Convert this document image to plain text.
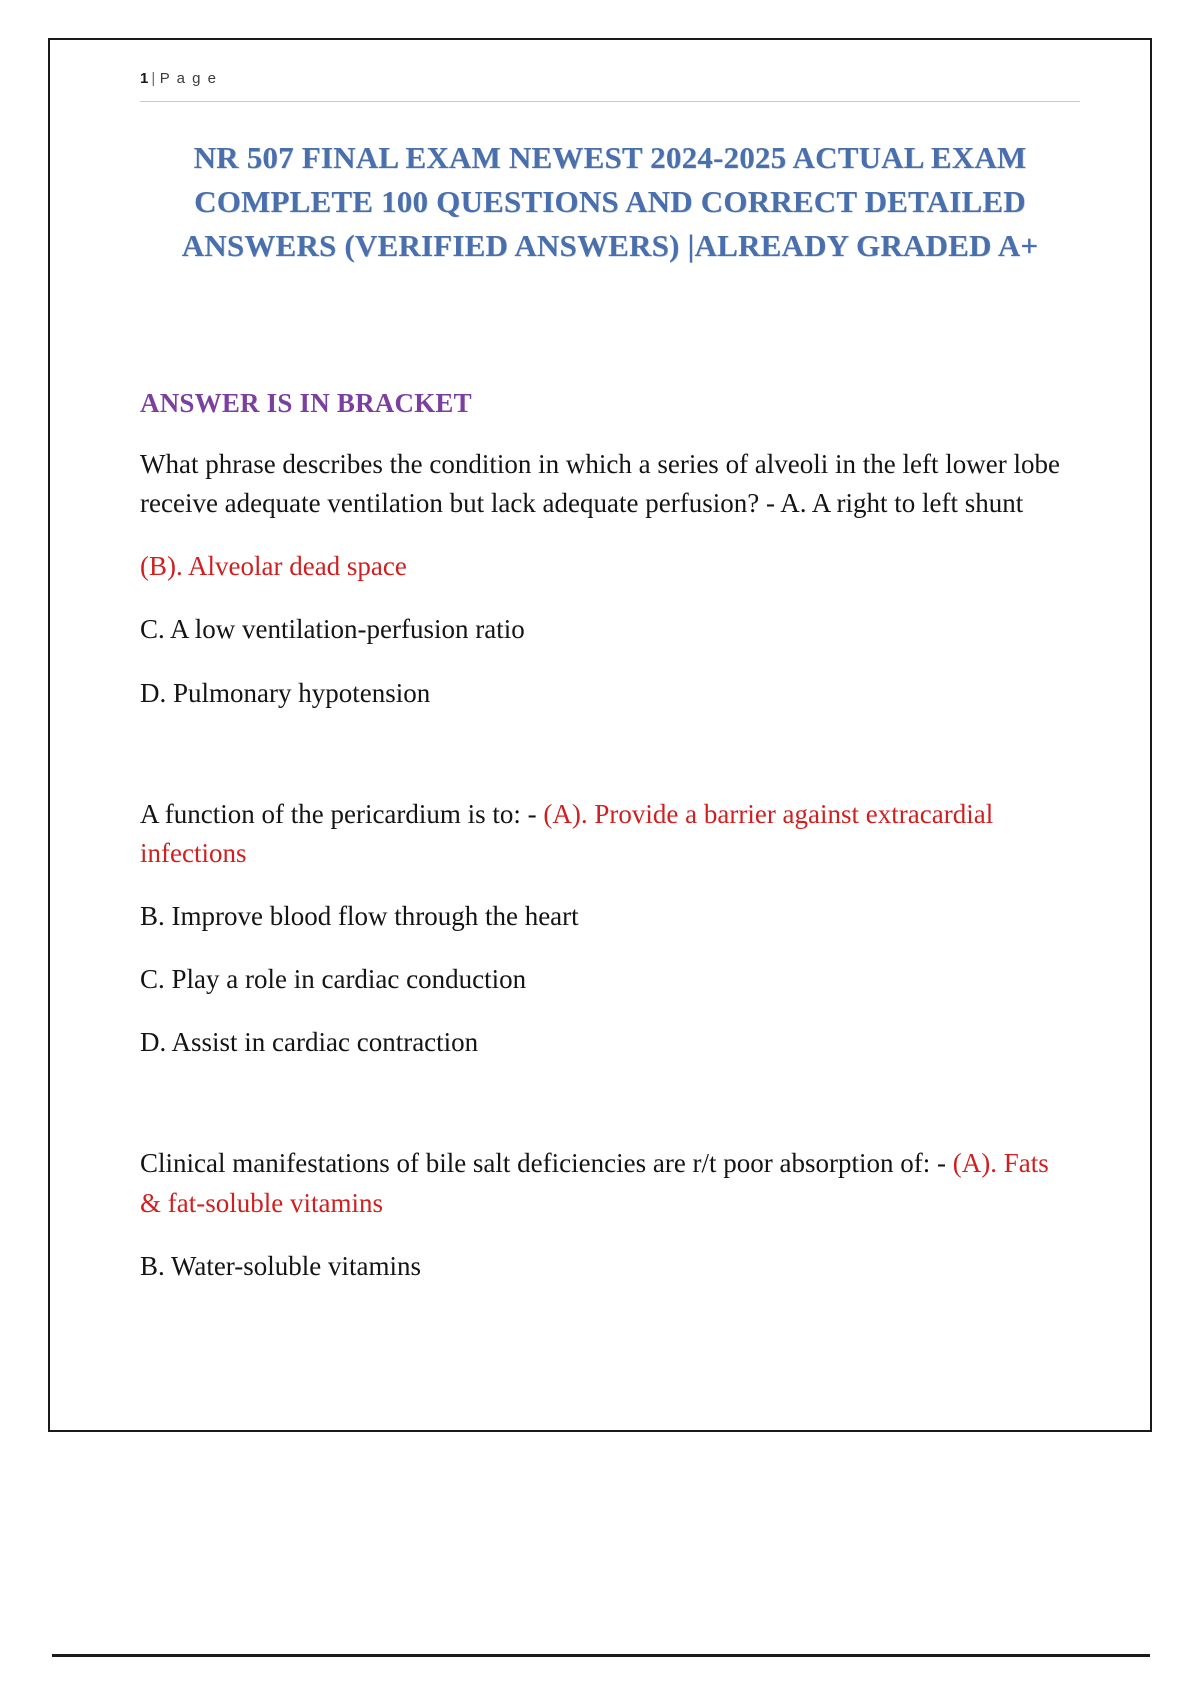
1 | P a g e
NR 507 FINAL EXAM NEWEST 2024-2025 ACTUAL EXAM COMPLETE 100 QUESTIONS AND CORRECT DETAILED ANSWERS (VERIFIED ANSWERS) |ALREADY GRADED A+

ANSWER IS IN BRACKET

What phrase describes the condition in which a series of alveoli in the left lower lobe receive adequate ventilation but lack adequate perfusion? - A. A right to left shunt

(B). Alveolar dead space

C. A low ventilation-perfusion ratio

D. Pulmonary hypotension

A function of the pericardium is to: - (A). Provide a barrier against extracardial infections

B. Improve blood flow through the heart

C. Play a role in cardiac conduction

D. Assist in cardiac contraction

Clinical manifestations of bile salt deficiencies are r/t poor absorption of: - (A). Fats & fat-soluble vitamins

B. Water-soluble vitamins
